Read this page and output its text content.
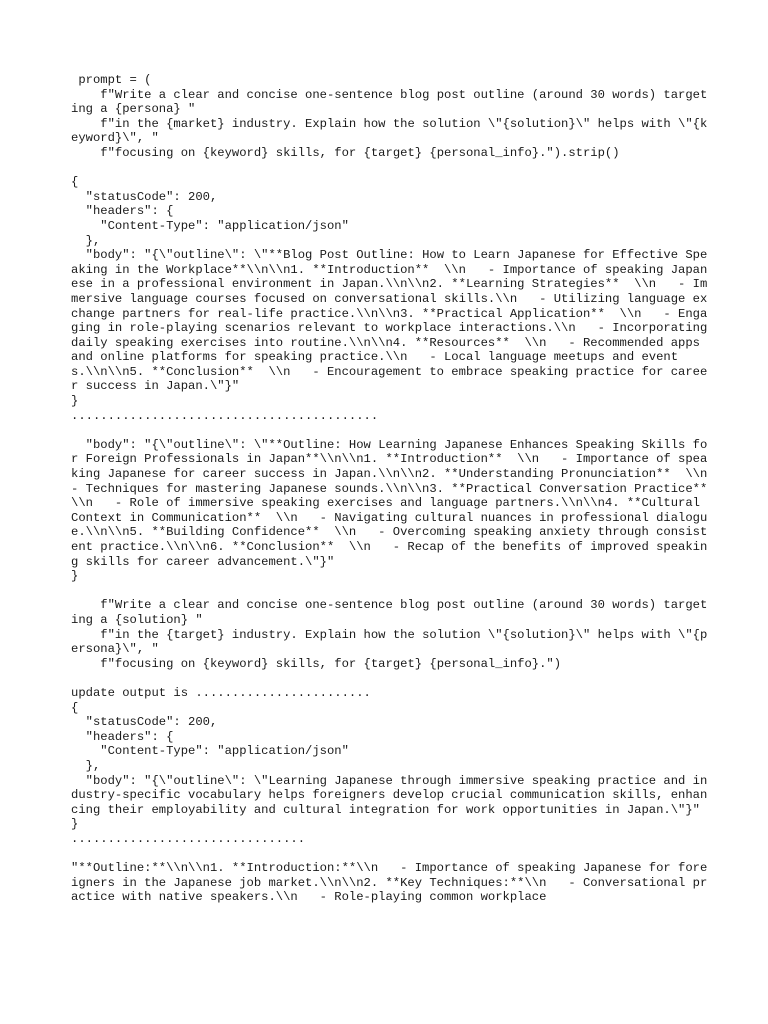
prompt = (
f"Write a clear and concise one-sentence blog post outline (around 30 words) targeting a {persona} "
f"in the {market} industry. Explain how the solution \"{solution}\" helps with \"{keyword}\", "
f"focusing on {keyword} skills, for {target} {personal_info}.").strip()

{
"statusCode": 200,
"headers": {
"Content-Type": "application/json"
},
"body": "{\"outline\": \"**Blog Post Outline: How to Learn Japanese for Effective Speaking in the Workplace**\\n\\n1. **Introduction**  \\n   - Importance of speaking Japanese in a professional environment in Japan.\\n\\n2. **Learning Strategies**  \\n   - Immersive language courses focused on conversational skills.\\n   - Utilizing language exchange partners for real-life practice.\\n\\n3. **Practical Application**  \\n   - Engaging in role-playing scenarios relevant to workplace interactions.\\n   - Incorporating daily speaking exercises into routine.\\n\\n4. **Resources**  \\n   - Recommended apps and online platforms for speaking practice.\\n   - Local language meetups and events.\\n\\n5. **Conclusion**  \\n   - Encouragement to embrace speaking practice for career success in Japan.\"}"
}
..........................................

"body": "{\"outline\": \"**Outline: How Learning Japanese Enhances Speaking Skills for Foreign Professionals in Japan**\\n\\n1. **Introduction**  \\n   - Importance of speaking Japanese for career success in Japan.\\n\\n2. **Understanding Pronunciation**  \\n   - Techniques for mastering Japanese sounds.\\n\\n3. **Practical Conversation Practice**  \\n   - Role of immersive speaking exercises and language partners.\\n\\n4. **Cultural Context in Communication**  \\n   - Navigating cultural nuances in professional dialogue.\\n\\n5. **Building Confidence**  \\n   - Overcoming speaking anxiety through consistent practice.\\n\\n6. **Conclusion**  \\n   - Recap of the benefits of improved speaking skills for career advancement.\"}"
}

f"Write a clear and concise one-sentence blog post outline (around 30 words) targeting a {solution} "
f"in the {target} industry. Explain how the solution \"{solution}\" helps with \"{persona}\", "
f"focusing on {keyword} skills, for {target} {personal_info}.")

update output is ........................
{
"statusCode": 200,
"headers": {
"Content-Type": "application/json"
},
"body": "{\"outline\": \"Learning Japanese through immersive speaking practice and industry-specific vocabulary helps foreigners develop crucial communication skills, enhancing their employability and cultural integration for work opportunities in Japan.\"}"
}
................................

"**Outline:**\\n\\n1. **Introduction:**\\n   - Importance of speaking Japanese for foreigners in the Japanese job market.\\n\\n2. **Key Techniques:**\\n   - Conversational practice with native speakers.\\n   - Role-playing common workplace
